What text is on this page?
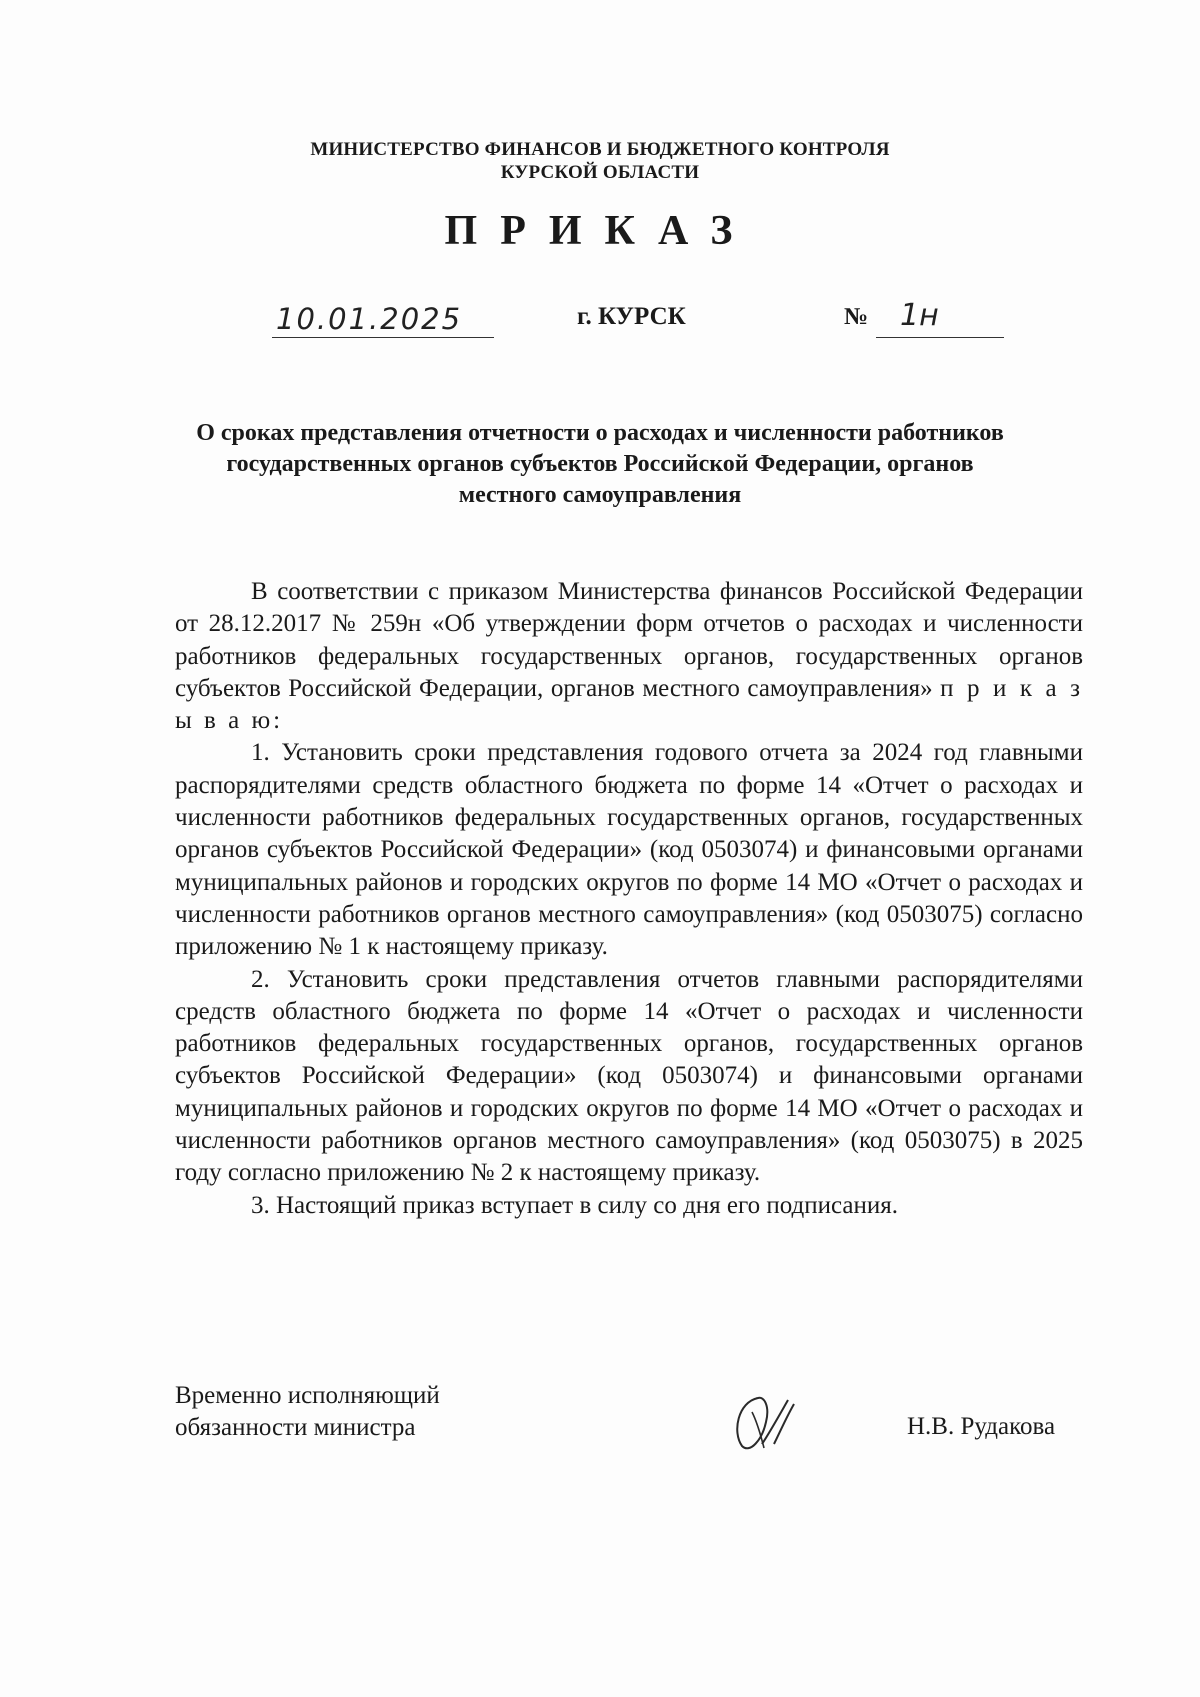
МИНИСТЕРСТВО ФИНАНСОВ И БЮДЖЕТНОГО КОНТРОЛЯ
КУРСКОЙ ОБЛАСТИ
ПРИКАЗ
10.01.2025	г. КУРСК	№ 1н
О сроках представления отчетности о расходах и численности работников государственных органов субъектов Российской Федерации, органов местного самоуправления

В соответствии с приказом Министерства финансов Российской Федерации от 28.12.2017 № 259н «Об утверждении форм отчетов о расходах и численности работников федеральных государственных органов, государственных органов субъектов Российской Федерации, органов местного самоуправления» п р и к а з ы в а ю:

1. Установить сроки представления годового отчета за 2024 год главными распорядителями средств областного бюджета по форме 14 «Отчет о расходах и численности работников федеральных государственных органов, государственных органов субъектов Российской Федерации» (код 0503074) и финансовыми органами муниципальных районов и городских округов по форме 14 МО «Отчет о расходах и численности работников органов местного самоуправления» (код 0503075) согласно приложению № 1 к настоящему приказу.

2. Установить сроки представления отчетов главными распорядителями средств областного бюджета по форме 14 «Отчет о расходах и численности работников федеральных государственных органов, государственных органов субъектов Российской Федерации» (код 0503074) и финансовыми органами муниципальных районов и городских округов по форме 14 МО «Отчет о расходах и численности работников органов местного самоуправления» (код 0503075) в 2025 году согласно приложению № 2 к настоящему приказу.

3. Настоящий приказ вступает в силу со дня его подписания.

Временно исполняющий
обязанности министра	Н.В. Рудакова
